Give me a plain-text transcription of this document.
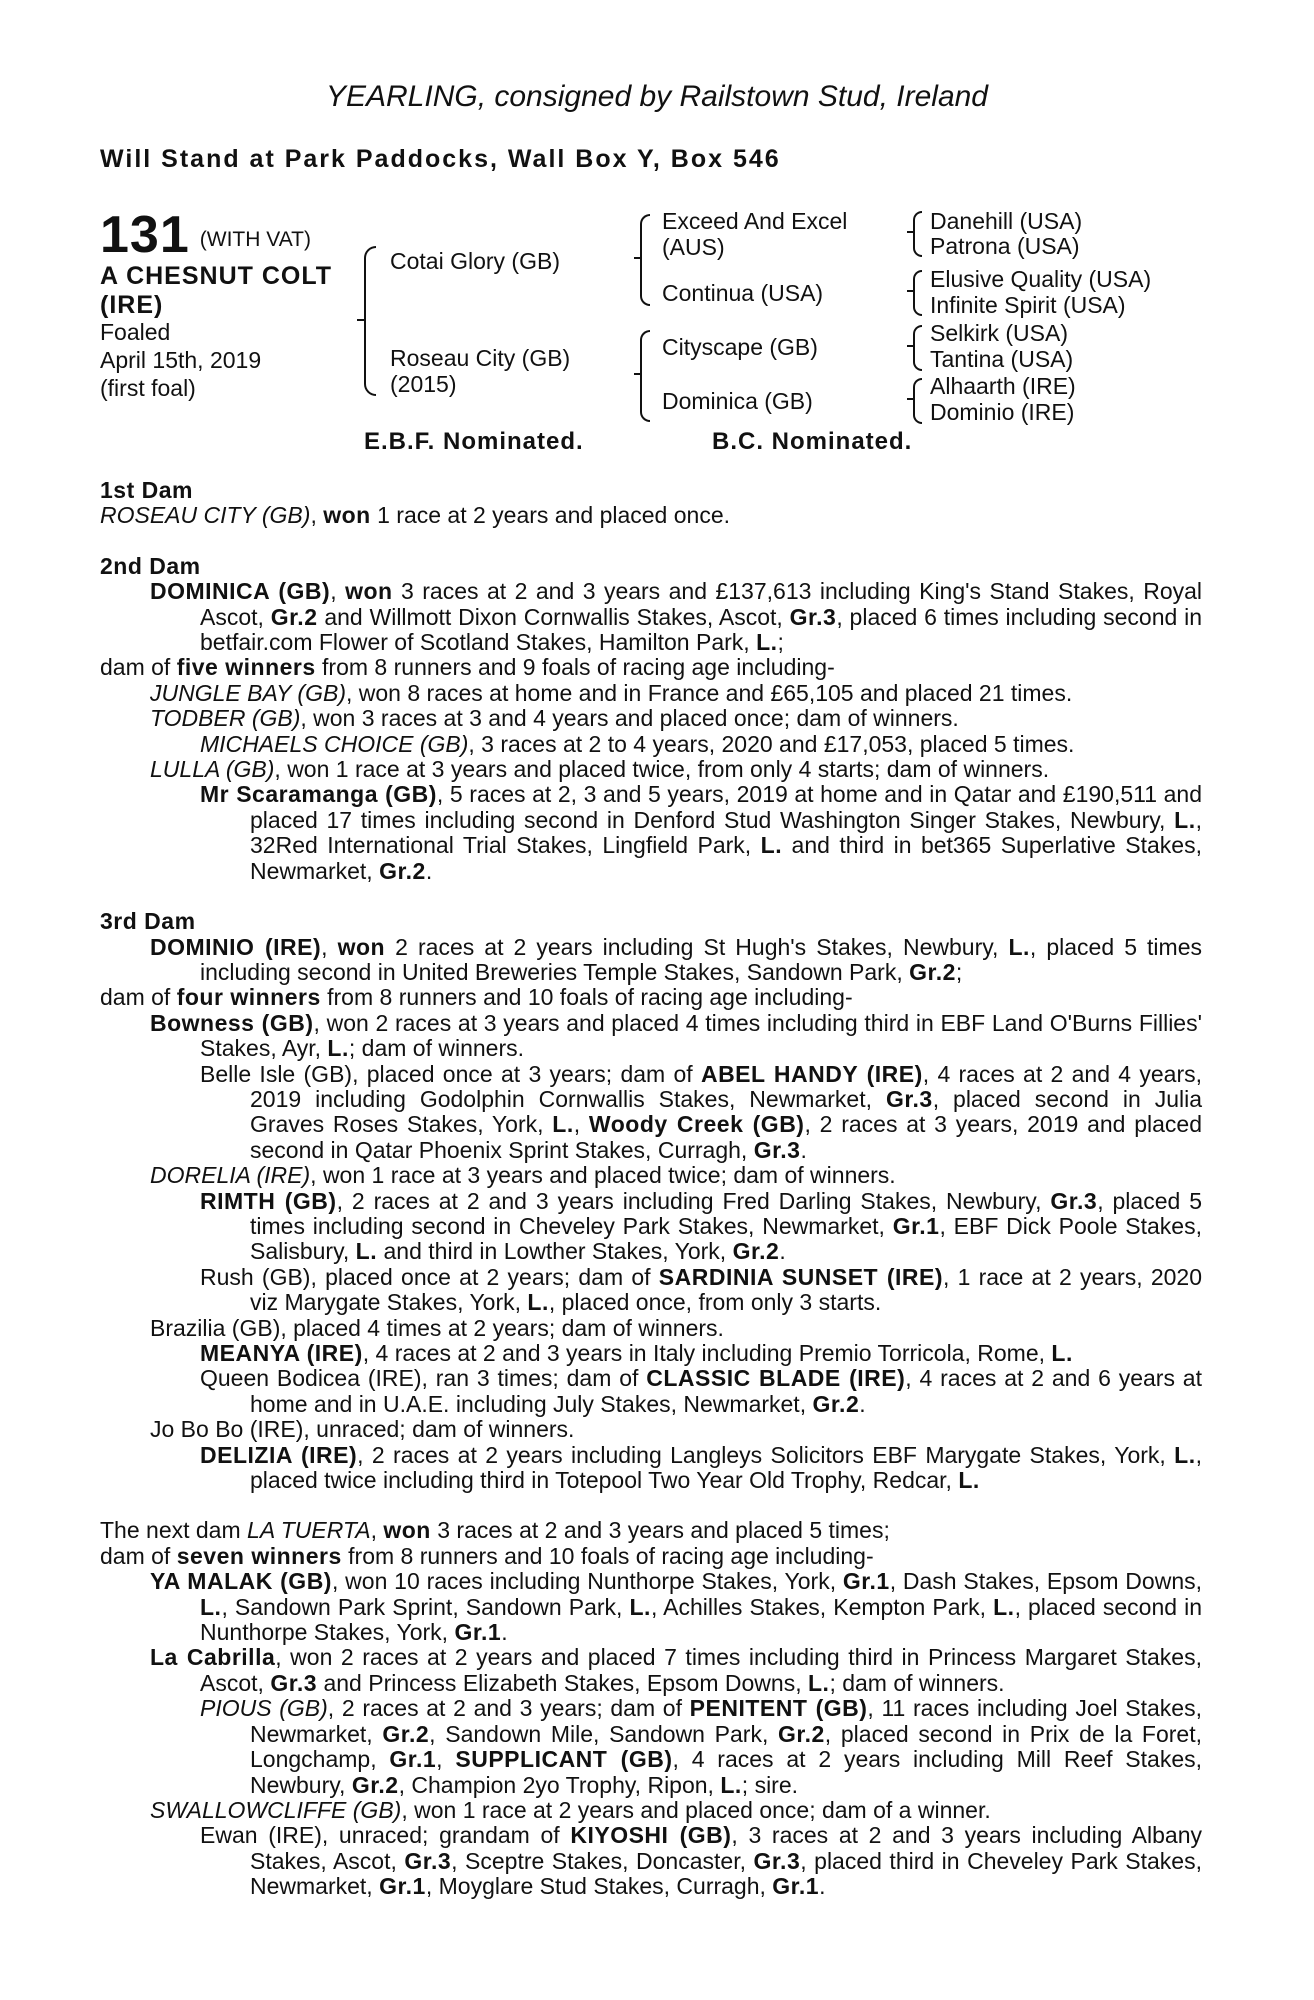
YEARLING, consigned by Railstown Stud, Ireland
Will Stand at Park Paddocks, Wall Box Y, Box 546
131 (WITH VAT)
A CHESNUT COLT
(IRE)
Foaled
April 15th, 2019
(first foal)
Cotai Glory (GB)
Roseau City (GB)
(2015)
Exceed And Excel
(AUS)
Continua (USA)
Cityscape (GB)
Dominica (GB)
Danehill (USA)
Patrona (USA)
Elusive Quality (USA)
Infinite Spirit (USA)
Selkirk (USA)
Tantina (USA)
Alhaarth (IRE)
Dominio (IRE)
E.B.F. Nominated.	B.C. Nominated.

1st Dam

ROSEAU CITY (GB), won 1 race at 2 years and placed once.

2nd Dam

DOMINICA (GB), won 3 races at 2 and 3 years and £137,613 including King's Stand Stakes, Royal Ascot, Gr.2 and Willmott Dixon Cornwallis Stakes, Ascot, Gr.3, placed 6 times including second in betfair.com Flower of Scotland Stakes, Hamilton Park, L.;

dam of five winners from 8 runners and 9 foals of racing age including-

JUNGLE BAY (GB), won 8 races at home and in France and £65,105 and placed 21 times.

TODBER (GB), won 3 races at 3 and 4 years and placed once; dam of winners.

MICHAELS CHOICE (GB), 3 races at 2 to 4 years, 2020 and £17,053, placed 5 times.

LULLA (GB), won 1 race at 3 years and placed twice, from only 4 starts; dam of winners.

Mr Scaramanga (GB), 5 races at 2, 3 and 5 years, 2019 at home and in Qatar and £190,511 and placed 17 times including second in Denford Stud Washington Singer Stakes, Newbury, L., 32Red International Trial Stakes, Lingfield Park, L. and third in bet365 Superlative Stakes, Newmarket, Gr.2.

3rd Dam

DOMINIO (IRE), won 2 races at 2 years including St Hugh's Stakes, Newbury, L., placed 5 times including second in United Breweries Temple Stakes, Sandown Park, Gr.2;

dam of four winners from 8 runners and 10 foals of racing age including-

Bowness (GB), won 2 races at 3 years and placed 4 times including third in EBF Land O'Burns Fillies' Stakes, Ayr, L.; dam of winners.

Belle Isle (GB), placed once at 3 years; dam of ABEL HANDY (IRE), 4 races at 2 and 4 years, 2019 including Godolphin Cornwallis Stakes, Newmarket, Gr.3, placed second in Julia Graves Roses Stakes, York, L., Woody Creek (GB), 2 races at 3 years, 2019 and placed second in Qatar Phoenix Sprint Stakes, Curragh, Gr.3.

DORELIA (IRE), won 1 race at 3 years and placed twice; dam of winners.

RIMTH (GB), 2 races at 2 and 3 years including Fred Darling Stakes, Newbury, Gr.3, placed 5 times including second in Cheveley Park Stakes, Newmarket, Gr.1, EBF Dick Poole Stakes, Salisbury, L. and third in Lowther Stakes, York, Gr.2.

Rush (GB), placed once at 2 years; dam of SARDINIA SUNSET (IRE), 1 race at 2 years, 2020 viz Marygate Stakes, York, L., placed once, from only 3 starts.

Brazilia (GB), placed 4 times at 2 years; dam of winners.

MEANYA (IRE), 4 races at 2 and 3 years in Italy including Premio Torricola, Rome, L.

Queen Bodicea (IRE), ran 3 times; dam of CLASSIC BLADE (IRE), 4 races at 2 and 6 years at home and in U.A.E. including July Stakes, Newmarket, Gr.2.

Jo Bo Bo (IRE), unraced; dam of winners.

DELIZIA (IRE), 2 races at 2 years including Langleys Solicitors EBF Marygate Stakes, York, L., placed twice including third in Totepool Two Year Old Trophy, Redcar, L.

The next dam LA TUERTA, won 3 races at 2 and 3 years and placed 5 times;

dam of seven winners from 8 runners and 10 foals of racing age including-

YA MALAK (GB), won 10 races including Nunthorpe Stakes, York, Gr.1, Dash Stakes, Epsom Downs, L., Sandown Park Sprint, Sandown Park, L., Achilles Stakes, Kempton Park, L., placed second in Nunthorpe Stakes, York, Gr.1.

La Cabrilla, won 2 races at 2 years and placed 7 times including third in Princess Margaret Stakes, Ascot, Gr.3 and Princess Elizabeth Stakes, Epsom Downs, L.; dam of winners.

PIOUS (GB), 2 races at 2 and 3 years; dam of PENITENT (GB), 11 races including Joel Stakes, Newmarket, Gr.2, Sandown Mile, Sandown Park, Gr.2, placed second in Prix de la Foret, Longchamp, Gr.1, SUPPLICANT (GB), 4 races at 2 years including Mill Reef Stakes, Newbury, Gr.2, Champion 2yo Trophy, Ripon, L.; sire.

SWALLOWCLIFFE (GB), won 1 race at 2 years and placed once; dam of a winner.

Ewan (IRE), unraced; grandam of KIYOSHI (GB), 3 races at 2 and 3 years including Albany Stakes, Ascot, Gr.3, Sceptre Stakes, Doncaster, Gr.3, placed third in Cheveley Park Stakes, Newmarket, Gr.1, Moyglare Stud Stakes, Curragh, Gr.1.
